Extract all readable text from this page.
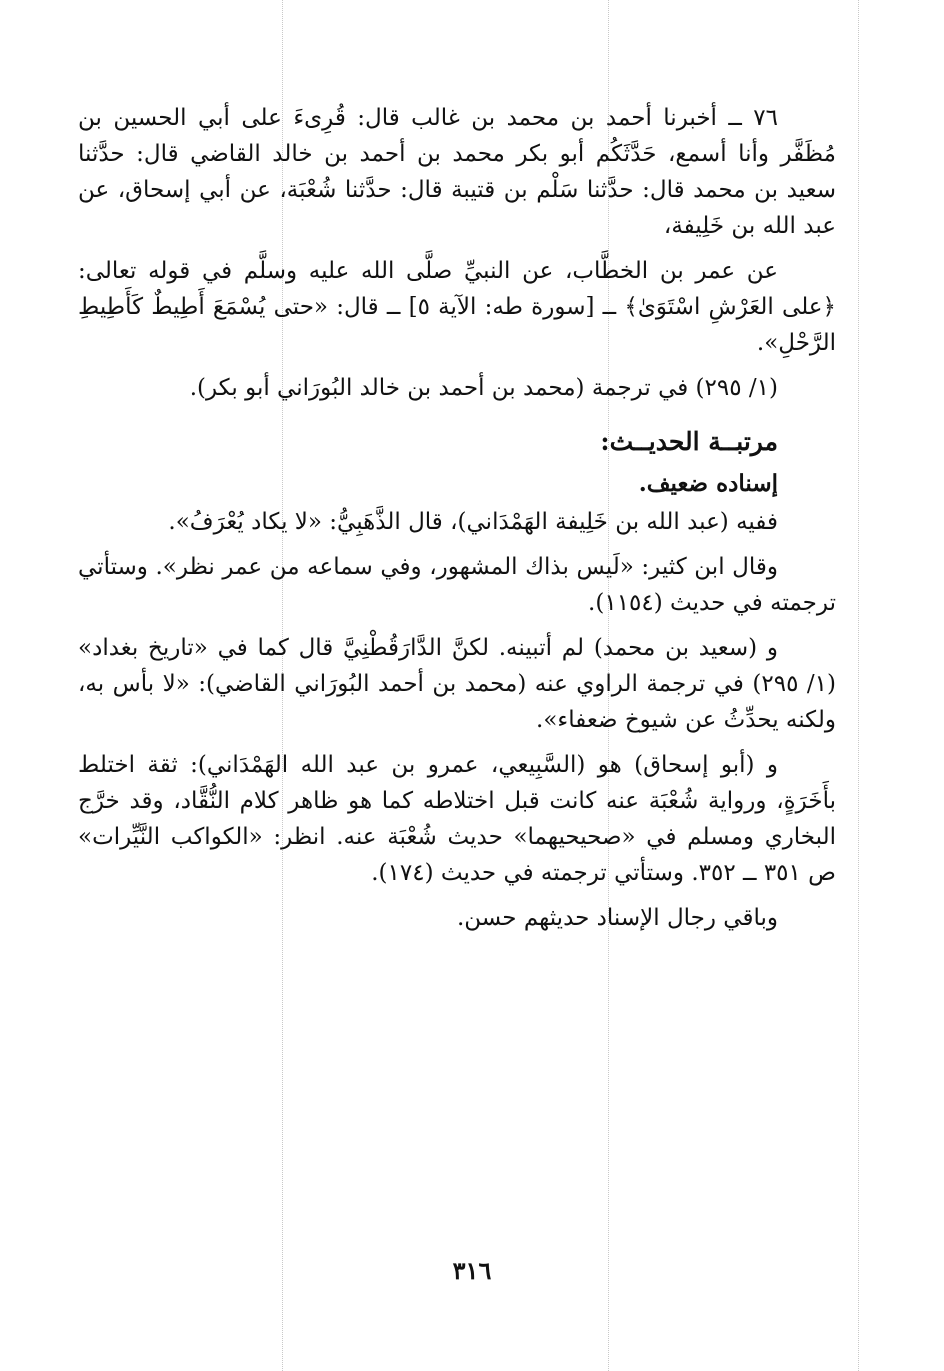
٧٦ ــ أخبرنا أحمد بن محمد بن غالب قال: قُرِىءَ على أبي الحسين بن مُظَفَّر وأنا أسمع، حَدَّثَكُم أبو بكر محمد بن أحمد بن خالد القاضي قال: حدَّثنا سعيد بن محمد قال: حدَّثنا سَلْم بن قتيبة قال: حدَّثنا شُعْبَة، عن أبي إسحاق، عن عبد الله بن خَلِيفة،

عن عمر بن الخطَّاب، عن النبيِّ صلَّى الله عليه وسلَّم في قوله تعالى: ﴿على العَرْشِ اسْتَوَىٰ﴾ ــ [سورة طه: الآية ٥] ــ قال: «حتى يُسْمَعَ أَطِيطٌ كَأَطِيطِ الرَّحْلِ».

(١/ ٢٩٥) في ترجمة (محمد بن أحمد بن خالد البُورَاني أبو بكر).

مرتبــة الحديــث:
إسناده ضعيف.

ففيه (عبد الله بن خَلِيفة الهَمْدَاني)، قال الذَّهَبِيُّ: «لا يكاد يُعْرَفُ».

وقال ابن كثير: «لَيس بذاك المشهور، وفي سماعه من عمر نظر». وستأتي ترجمته في حديث (١١٥٤).

و (سعيد بن محمد) لم أتبينه. لكنَّ الدَّارَقُطْنِيَّ قال كما في «تاريخ بغداد» (١/ ٢٩٥) في ترجمة الراوي عنه (محمد بن أحمد البُورَاني القاضي): «لا بأس به، ولكنه يحدِّثُ عن شيوخ ضعفاء».

و (أبو إسحاق) هو (السَّبِيعي، عمرو بن عبد الله الهَمْدَاني): ثقة اختلط بأَخَرَةٍ، ورواية شُعْبَة عنه كانت قبل اختلاطه كما هو ظاهر كلام النُّقَّاد، وقد خرَّج البخاري ومسلم في «صحيحيهما» حديث شُعْبَة عنه. انظر: «الكواكب النَّيِّرات» ص ٣٥١ ــ ٣٥٢. وستأتي ترجمته في حديث (١٧٤).

وباقي رجال الإسناد حديثهم حسن.

٣١٦
